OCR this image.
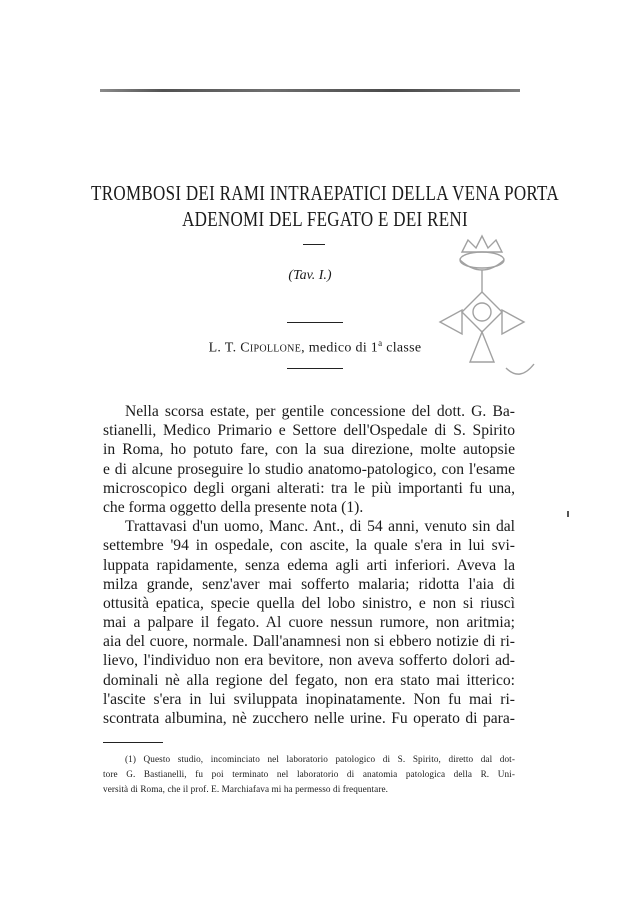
TROMBOSI DEI RAMI INTRAEPATICI DELLA VENA PORTA
ADENOMI DEL FEGATO E DEI RENI
(Tav. I.)
L. T. Cipollone, medico di 1$^a$ classe
Nella scorsa estate, per gentile concessione del dott. G. Ba-
stianelli, Medico Primario e Settore dell'Ospedale di S. Spirito
in Roma, ho potuto fare, con la sua direzione, molte autopsie
e di alcune proseguire lo studio anatomo-patologico, con l'esame
microscopico degli organi alterati: tra le più importanti fu una,
che forma oggetto della presente nota (1).
Trattavasi d'un uomo, Manc. Ant., di 54 anni, venuto sin dal
settembre '94 in ospedale, con ascite, la quale s'era in lui svi-
luppata rapidamente, senza edema agli arti inferiori. Aveva la
milza grande, senz'aver mai sofferto malaria; ridotta l'aia di
ottusità epatica, specie quella del lobo sinistro, e non si riuscì
mai a palpare il fegato. Al cuore nessun rumore, non aritmia;
aia del cuore, normale. Dall'anamnesi non si ebbero notizie di ri-
lievo, l'individuo non era bevitore, non aveva sofferto dolori ad-
dominali nè alla regione del fegato, non era stato mai itterico:
l'ascite s'era in lui sviluppata inopinatamente. Non fu mai ri-
scontrata albumina, nè zucchero nelle urine. Fu operato di para-
(1) Questo studio, incominciato nel laboratorio patologico di S. Spirito, diretto dal dot-
tore G. Bastianelli, fu poi terminato nel laboratorio di anatomia patologica della R. Uni-
versità di Roma, che il prof. E. Marchiafava mi ha permesso di frequentare.
